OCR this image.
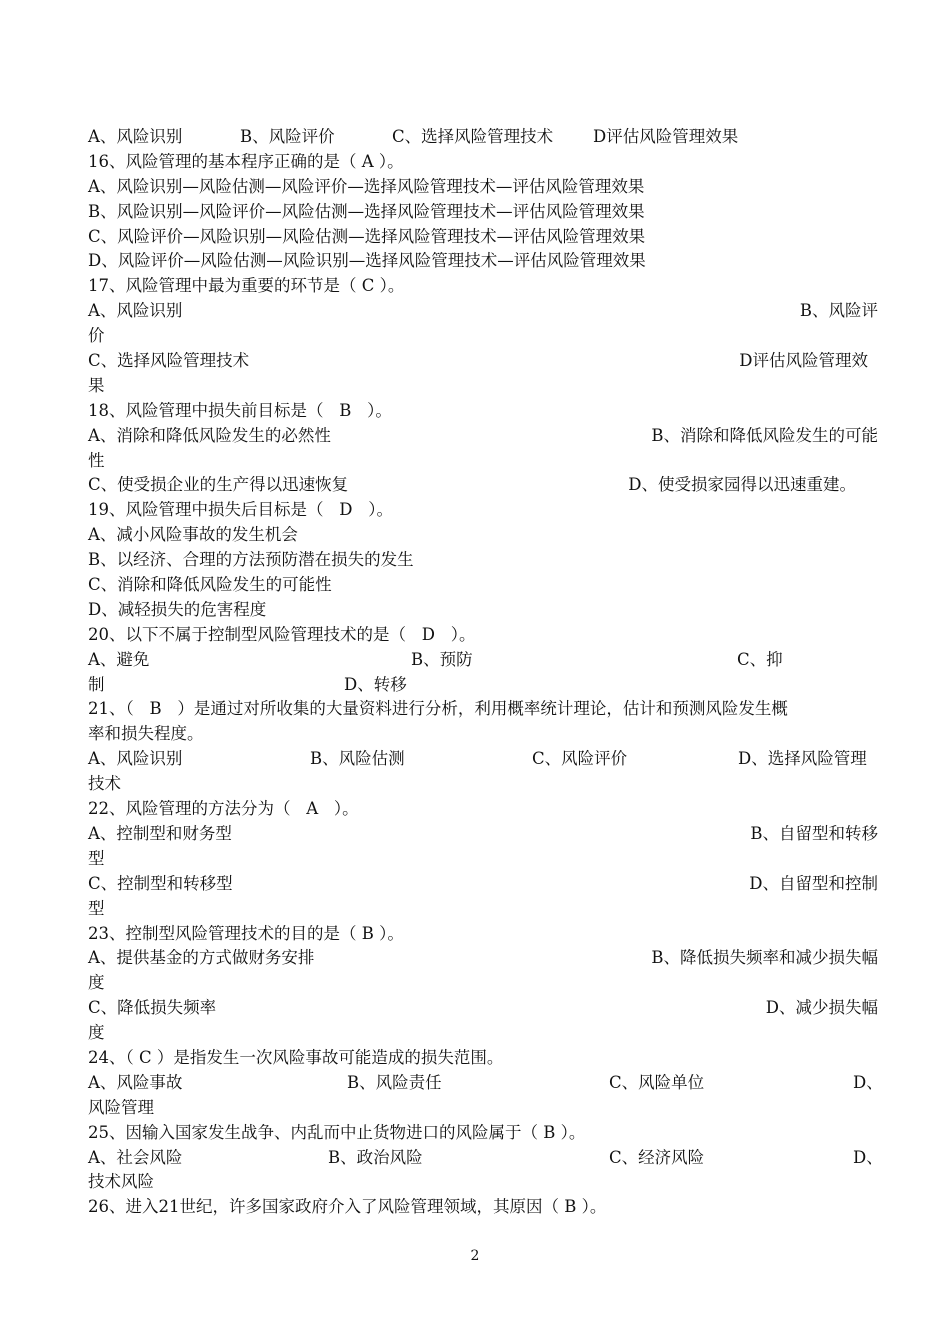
A、风险识别

	B、风险评价

	C、选择风险管理技术

D评估风险管理效果

16、风险管理的基本程序正确的是（ A ）。
A、风险识别—风险估测—风险评价—选择风险管理技术—评估风险管理效果
B、风险识别—风险评价—风险估测—选择风险管理技术—评估风险管理效果
C、风险评价—风险识别—风险估测—选择风险管理技术—评估风险管理效果
D、风险评价—风险估测—风险识别—选择风险管理技术—评估风险管理效果
17、风险管理中最为重要的环节是（ C ）。
A、风险识别	B、风险评
价
C、选择风险管理技术	D评估风险管理效
果
18、风险管理中损失前目标是（   B   ）。
A、消除和降低风险发生的必然性	B、消除和降低风险发生的可能
性
C、使受损企业的生产得以迅速恢复	D、使受损家园得以迅速重建。
19、风险管理中损失后目标是（   D   ）。
A、减小风险事故的发生机会
B、以经济、合理的方法预防潜在损失的发生
C、消除和降低风险发生的可能性
D、减轻损失的危害程度
20、以下不属于控制型风险管理技术的是（   D   ）。

A、避免

	B、预防

	C、抑

制

	D、转移

21、（   B   ）是通过对所收集的大量资料进行分析，利用概率统计理论，估计和预测风险发生概
率和损失程度。

A、风险识别

	B、风险估测

	C、风险评价

	D、选择风险管理

技术
22、风险管理的方法分为（   A   ）。
A、控制型和财务型	B、自留型和转移
型
C、控制型和转移型	D、自留型和控制
型
23、控制型风险管理技术的目的是（ B ）。
A、提供基金的方式做财务安排	B、降低损失频率和减少损失幅
度
C、降低损失频率	D、减少损失幅
度
24、（ C ）是指发生一次风险事故可能造成的损失范围。

A、风险事故

	B、风险责任

	C、风险单位

	D、

风险管理
25、因输入国家发生战争、内乱而中止货物进口的风险属于（ B ）。

A、社会风险

	B、政治风险

	C、经济风险

	D、

技术风险
26、进入21世纪，许多国家政府介入了风险管理领域，其原因（ B ）。
2
